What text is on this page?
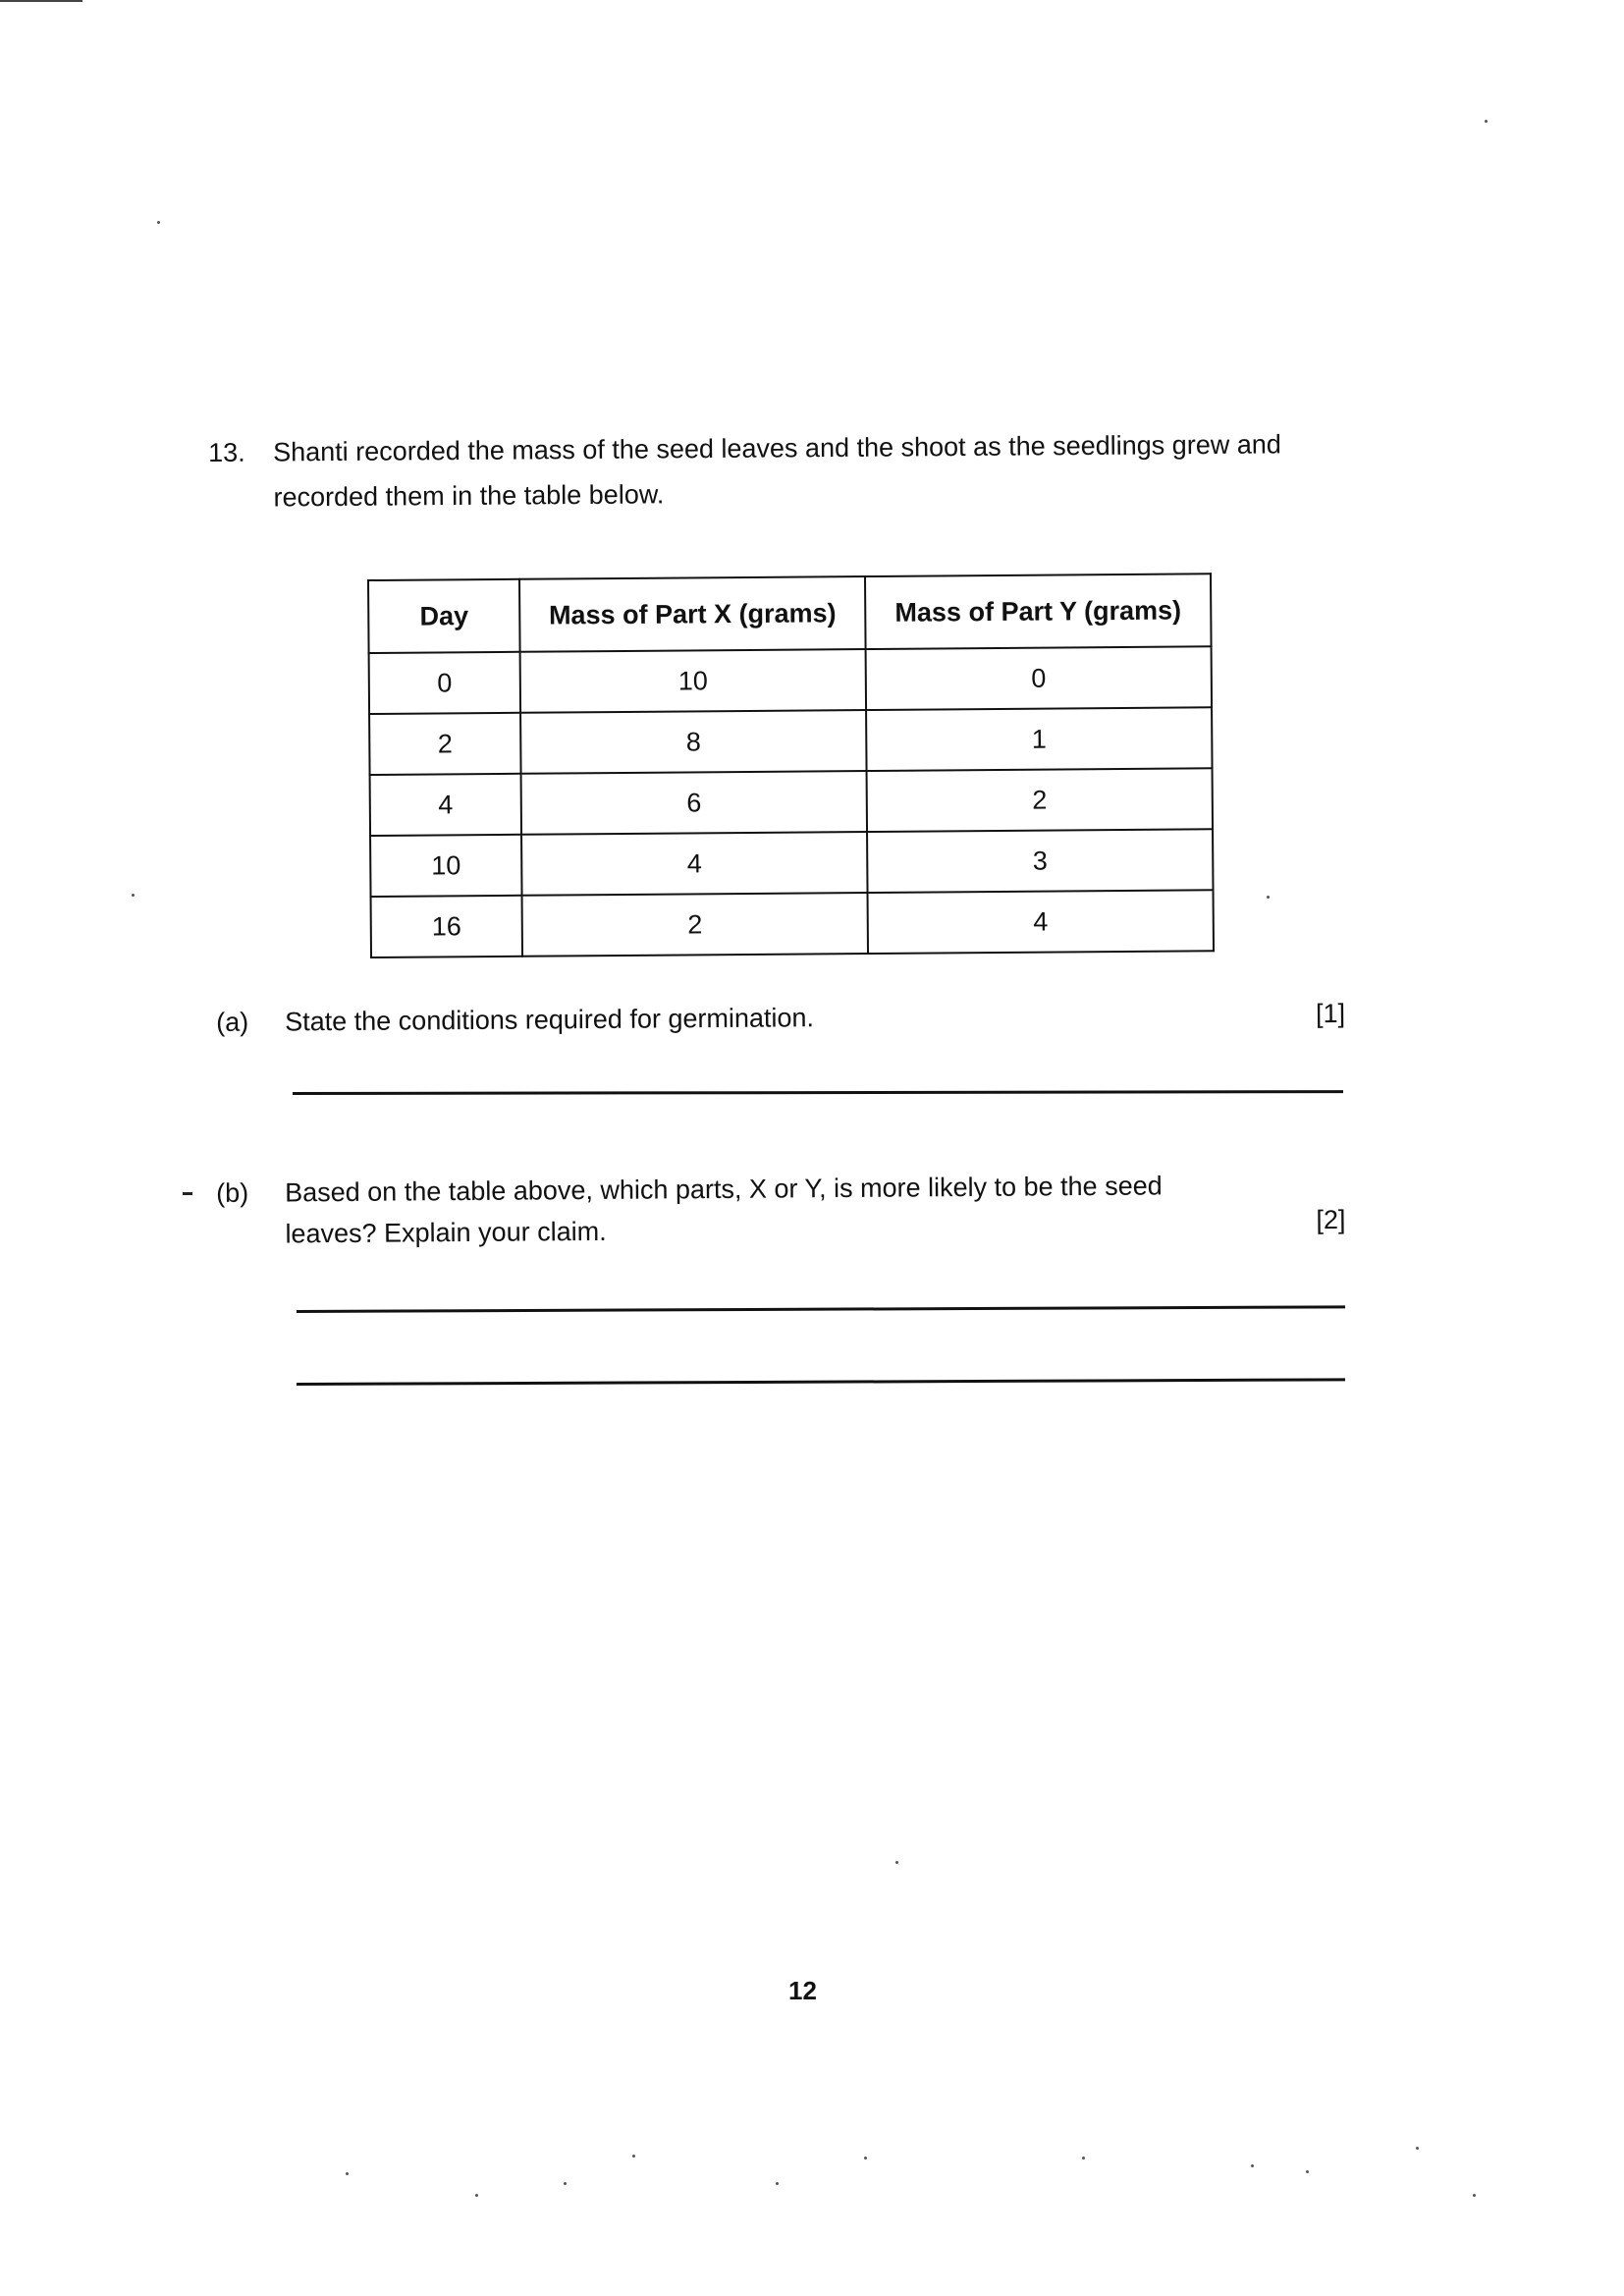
13. Shanti recorded the mass of the seed leaves and the shoot as the seedlings grew and recorded them in the table below.
Day	Mass of Part X (grams)	Mass of Part Y (grams)
0	10	0
2	8	1
4	6	2
10	4	3
16	2	4
(a) State the conditions required for germination.	[1]
(b) Based on the table above, which parts, X or Y, is more likely to be the seed leaves? Explain your claim.	[2]
12
